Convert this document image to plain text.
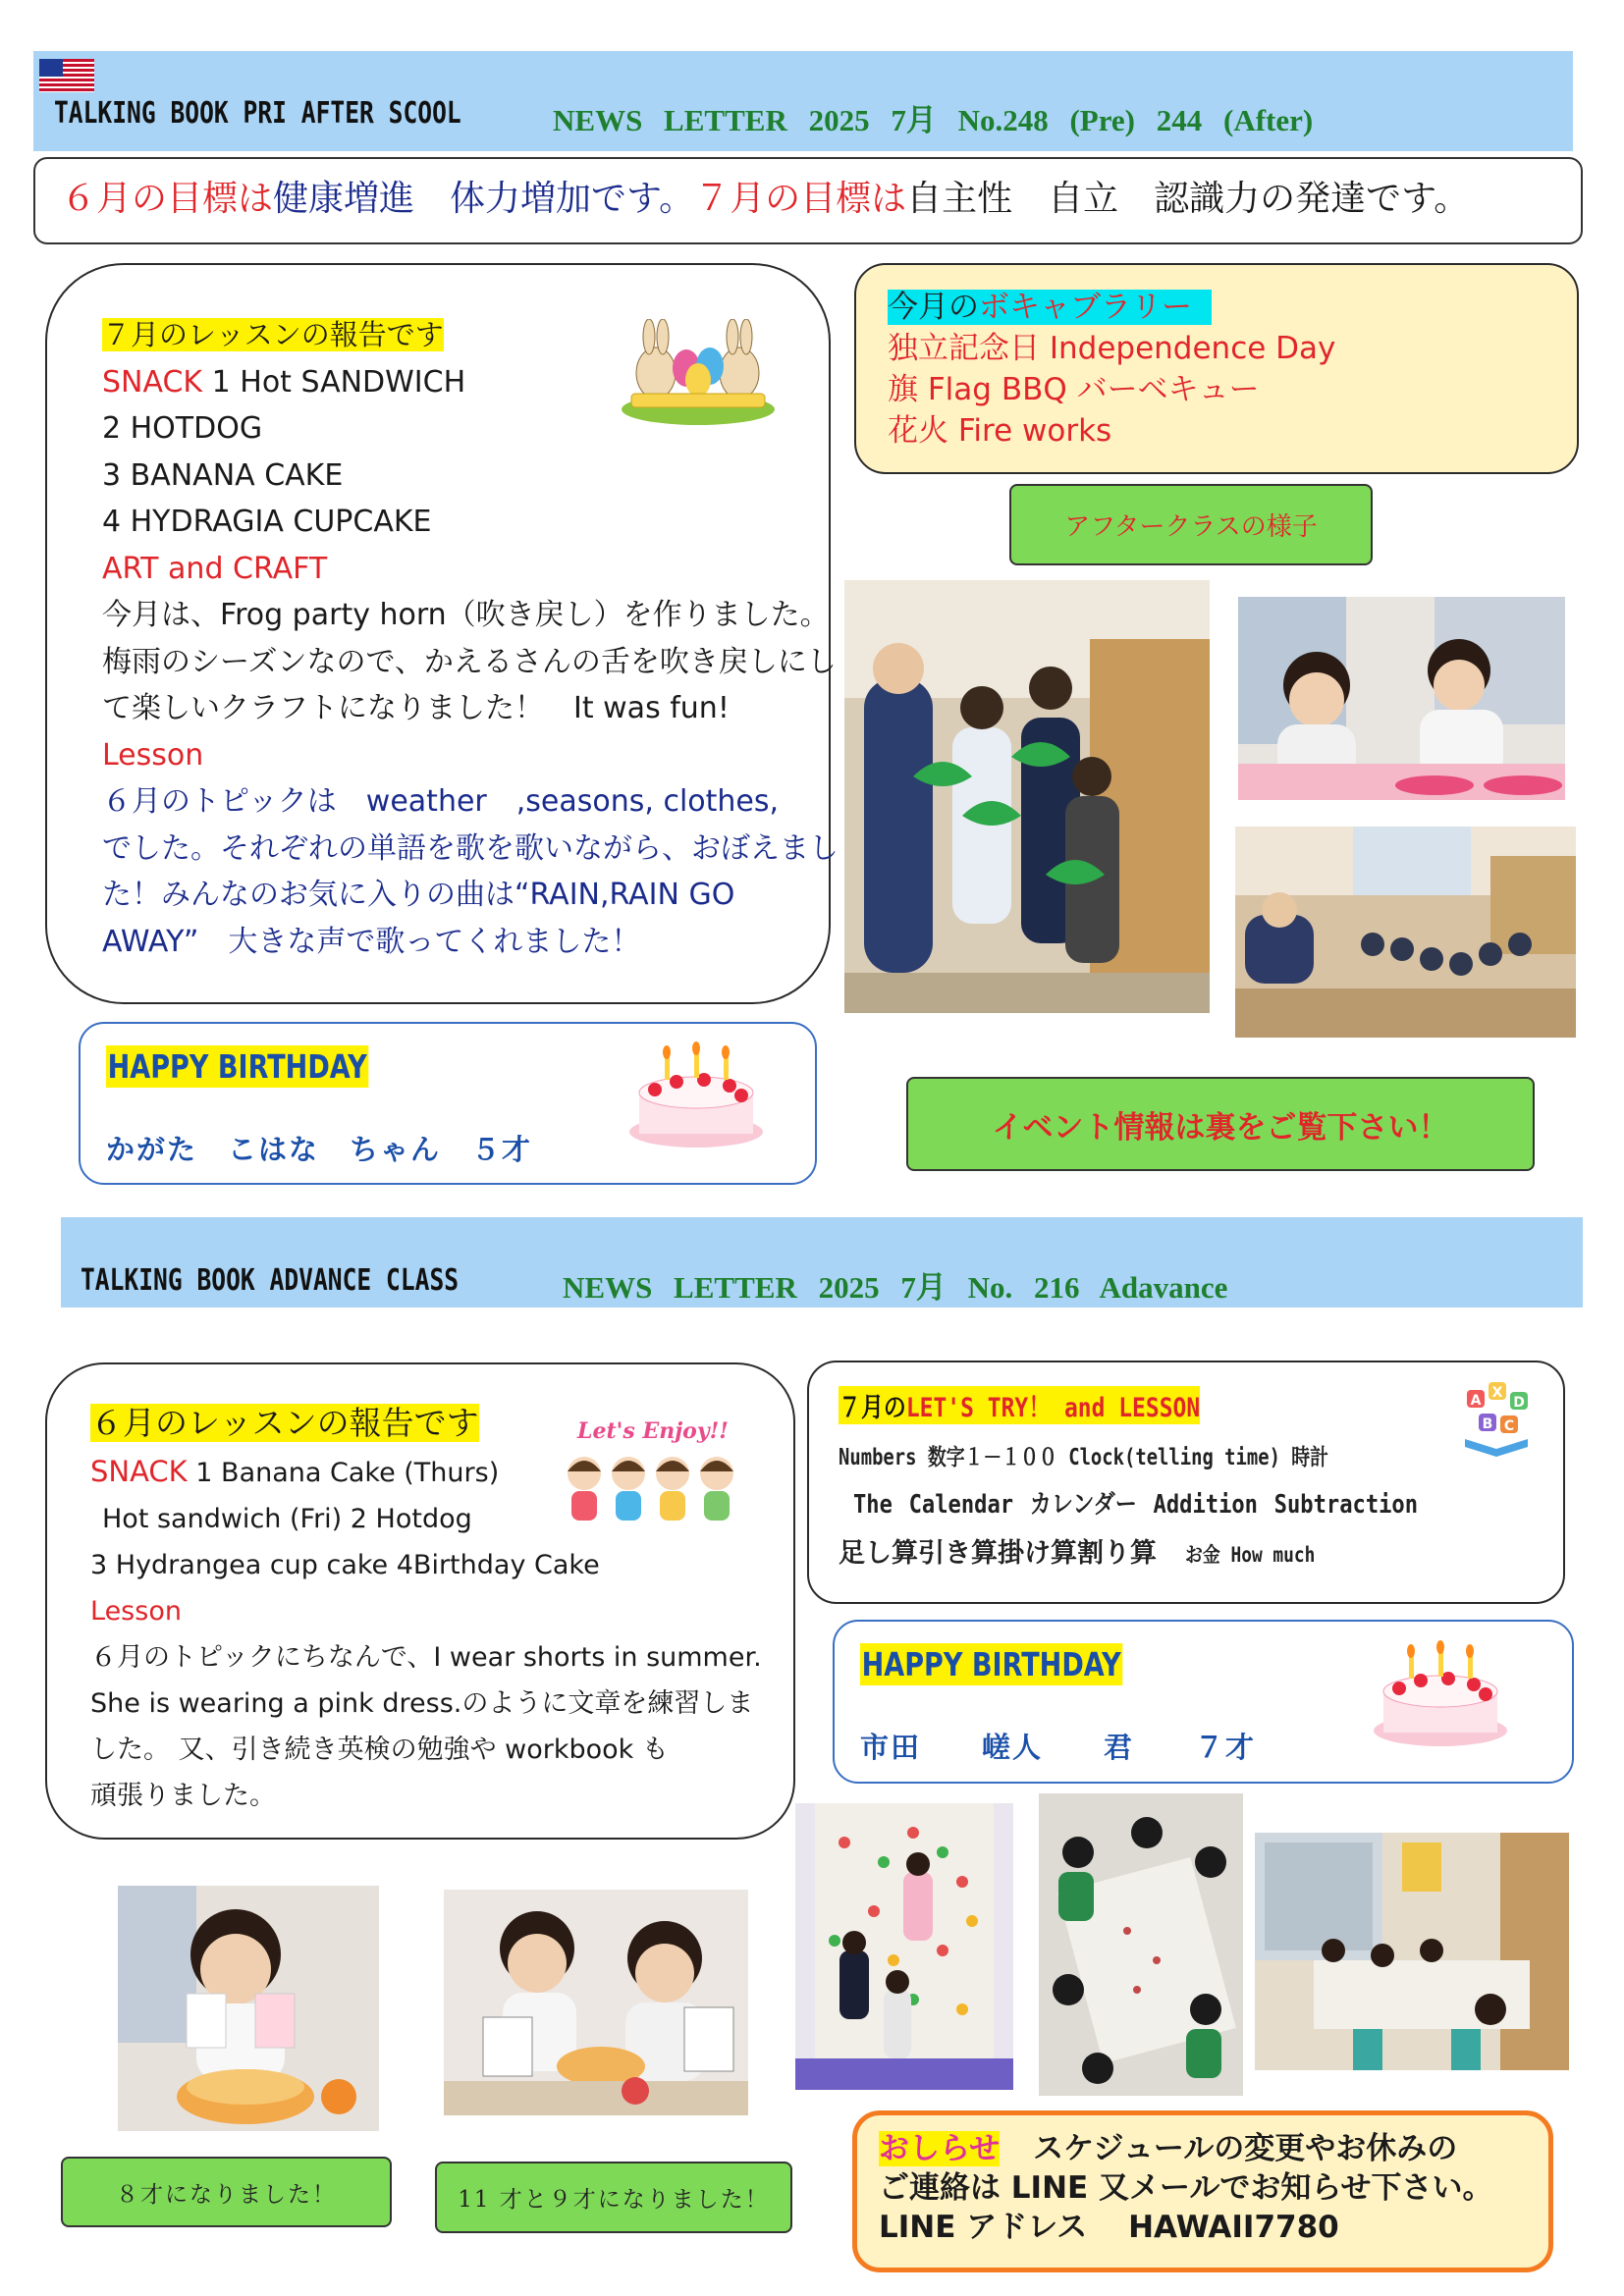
TALKING BOOK PRI AFTER SCOOL	NEWS LETTER 2025 7月 No.248 (Pre) 244 (After)
６月の目標は健康増進　体力増加です。７月の目標は自主性　自立　認識力の発達です。
７月のレッスンの報告です
SNACK 1 Hot SANDWICH
2 HOTDOG
3 BANANA CAKE
4 HYDRAGIA CUPCAKE
ART and CRAFT
今月は、Frog party horn（吹き戻し）を作りました。
梅雨のシーズンなので、かえるさんの舌を吹き戻しにし
て楽しいクラフトになりました！　It was fun!
Lesson
６月のトピックは　weather　,seasons, clothes,
でした。それぞれの単語を歌を歌いながら、おぼえまし
た！みんなのお気に入りの曲は“RAIN,RAIN GO
AWAY”　大きな声で歌ってくれました！
今月のボキャブラリー
独立記念日 Independence Day
旗 Flag BBQ バーベキュー
花火 Fire works
アフタークラスの様子
HAPPY BIRTHDAY
かがた　こはな　ちゃん　５才
イベント情報は裏をご覧下さい！
TALKING BOOK ADVANCE CLASS	NEWS LETTER 2025 7月 No. 216 Adavance
Let's Enjoy!!
６月のレッスンの報告です
SNACK 1 Banana Cake (Thurs)
Hot sandwich (Fri) 2 Hotdog
3 Hydrangea cup cake 4Birthday Cake
Lesson
６月のトピックにちなんで、I wear shorts in summer.
She is wearing a pink dress.のように文章を練習しま
した。 又、引き続き英検の勉強や workbook も
頑張りました。
７月のLET'S TRY！ and LESSON
Numbers 数字１－１００ Clock(telling time) 時計
The Calendar カレンダー Addition Subtraction
足し算引き算掛け算割り算 お金 How much
A X
D
B C
HAPPY BIRTHDAY
市田　　嵯人　　君　　７才
８才になりました！	11 才と９才になりました！
おしらせ スケジュールの変更やお休みの
ご連絡は LINE 又メールでお知らせ下さい。
LINE アドレス　 HAWAII7780
